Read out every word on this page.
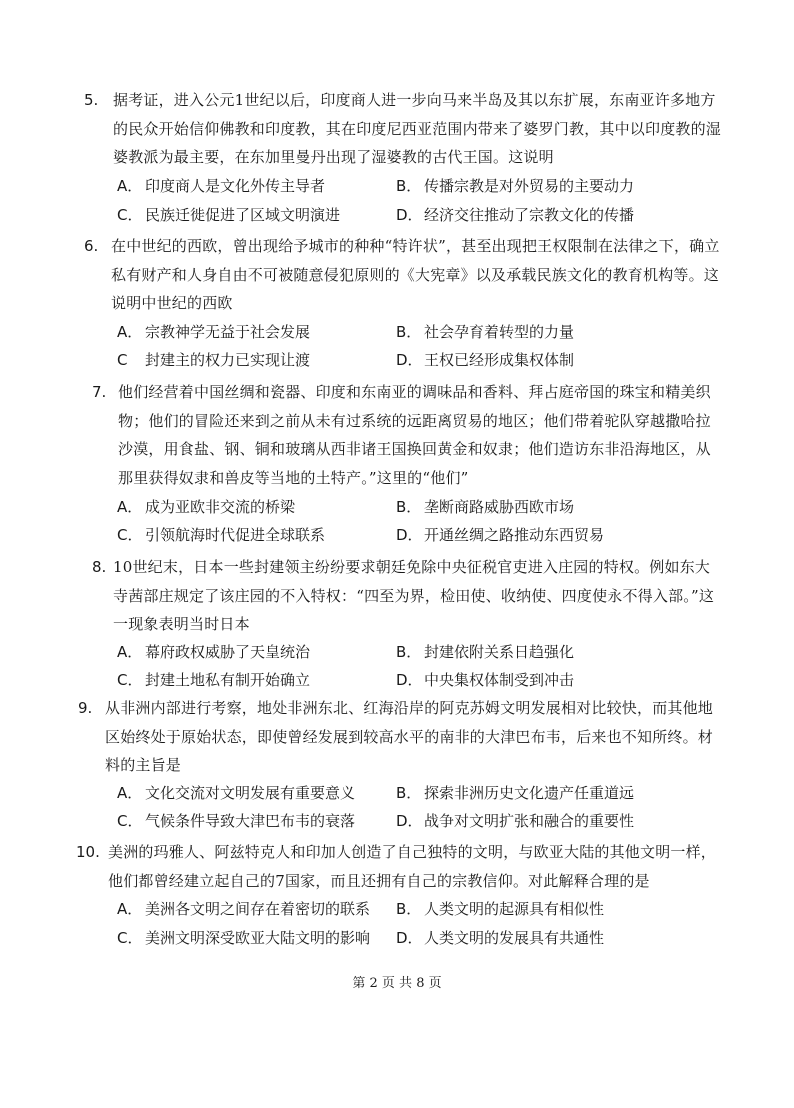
5. 据考证，进入公元1世纪以后，印度商人进一步向马来半岛及其以东扩展，东南亚许多地方的民众开始信仰佛教和印度教，其在印度尼西亚范围内带来了婆罗门教，其中以印度教的湿婆教派为最主要，在东加里曼丹出现了湿婆教的古代王国。这说明
A． 印度商人是文化外传主导者	B． 传播宗教是对外贸易的主要动力
C． 民族迁徙促进了区域文明演进	D．经济交往推动了宗教文化的传播
6. 在中世纪的西欧，曾出现给予城市的种种“特许状”，甚至出现把王权限制在法律之下，确立私有财产和人身自由不可被随意侵犯原则的《大宪章》以及承载民族文化的教育机构等。这说明中世纪的西欧
A． 宗教神学无益于社会发展	B． 社会孕育着转型的力量
C 封建主的权力已实现让渡	D．王权已经形成集权体制
7. 他们经营着中国丝绸和瓷器、印度和东南亚的调味品和香料、拜占庭帝国的珠宝和精美织物；他们的冒险还来到之前从未有过系统的远距离贸易的地区；他们带着驼队穿越撒哈拉沙漠，用食盐、钢、铜和玻璃从西非诸王国换回黄金和奴隶；他们造访东非沿海地区，从那里获得奴隶和兽皮等当地的土特产。”这里的“他们”
A． 成为亚欧非交流的桥梁	B． 垄断商路威胁西欧市场
C． 引领航海时代促进全球联系	D．开通丝绸之路推动东西贸易
8. 10世纪末，日本一些封建领主纷纷要求朝廷免除中央征税官吏进入庄园的特权。例如东大寺茜部庄规定了该庄园的不入特权：“四至为界，检田使、收纳使、四度使永不得入部。”这一现象表明当时日本
A． 幕府政权威胁了天皇统治	B． 封建依附关系日趋强化
C． 封建土地私有制开始确立	D．中央集权体制受到冲击
9. 从非洲内部进行考察，地处非洲东北、红海沿岸的阿克苏姆文明发展相对比较快，而其他地区始终处于原始状态，即使曾经发展到较高水平的南非的大津巴布韦，后来也不知所终。材料的主旨是
A． 文化交流对文明发展有重要意义	B． 探索非洲历史文化遗产任重道远
C． 气候条件导致大津巴布韦的衰落	D．战争对文明扩张和融合的重要性
10. 美洲的玛雅人、阿兹特克人和印加人创造了自己独特的文明，与欧亚大陆的其他文明一样，他们都曾经建立起自己的7国家，而且还拥有自己的宗教信仰。对此解释合理的是
A． 美洲各文明之间存在着密切的联系 B． 人类文明的起源具有相似性
C． 美洲文明深受欧亚大陆文明的影响 D．人类文明的发展具有共通性
第 2 页 共 8 页
